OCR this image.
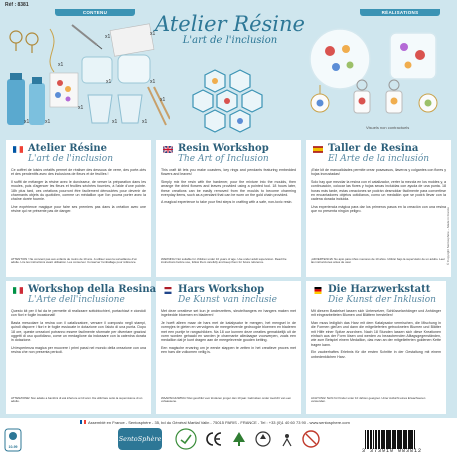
Réf : 8381
CONTENU	RÉALISATIONS
x1
x1	x1
x1	x1
x1	x1
x1
x1	x1
x1
Atelier Résine
L'art de l'inclusion
Visuels non contractuels
Atelier Résine
L'art de l'inclusion

Ce coffret de loisirs créatifs permet de réaliser des dessous de verre, des porte-clés et des pendentifs avec des inclusions de fleurs et de feuilles !

Il suffit de mélanger la résine avec le durcisseur, de verser la préparation dans les moules, puis d'agencer les fleurs et feuilles séchées fournies, à l'aide d'une pointe. 18h plus tard, ces créations pourront être facilement démoulées pour devenir de charmants objets du quotidien, comme un médaillon que l'on pourra porter avec la chaîne dorée fournie.

Une expérience magique pour faire ses premiers pas dans la création avec une résine qui ne présente pas de danger.

ATTENTION ! Ne convient pas aux enfants de moins de 10 ans. À utiliser sous la surveillance d'un adulte. Lire les instructions avant utilisation. Les conserver. Conserver l'emballage pour référence.
Resin Workshop
The Art of Inclusion

This craft kit lets you make coasters, key rings and pendants featuring embedded flowers and leaves!

Simply mix the resin with the hardener, pour the mixture into the moulds, then arrange the dried flowers and leaves provided using a pointed tool. 18 hours later, these creations can be easily removed from the moulds to become charming everyday items, such as a pendant that can be worn on the gold chain provided.

A magical experience to take your first steps in crafting with a safe, non-toxic resin.

WARNING! Not suitable for children under 10 years of age. Use under adult supervision. Read the instructions before use, follow them carefully and keep them for future reference.
Taller de Resina
El Arte de la inclusión

¡Este kit de manualidades permite crear posavasos, llaveros y colgantes con flores y hojas incrustadas!

Solo hay que mezclar la resina con el catalizador, verter la mezcla en los moldes y, a continuación, colocar las flores y hojas secas incluidas con ayuda de una punta. 18 horas más tarde, estas creaciones se podrán desmoldar fácilmente para convertirse en encantadores objetos cotidianos, como un medallón que se podrá llevar con la cadena dorada incluida.

Una experiencia mágica para dar los primeros pasos en la creación con una resina que no presenta ningún peligro.

¡ADVERTENCIA! No apto para niños menores de 10 años. Utilizar bajo la supervisión de un adulto. Leer las instrucciones antes de usar.
Workshop della Resina
L'Arte dell'inclusione

Questo kit per il fai da te permette di realizzare sottobicchieri, portachiavi e ciondoli con fiori e foglie incastonati!

Basta mescolare la resina con il catalizzatore, versare il composto negli stampi, quindi disporre i fiori e le foglie essiccate in dotazione con l'aiuto di una punta. Dopo 18 ore, queste creazioni potranno essere facilmente sformate per diventare graziosi oggetti di uso quotidiano, come un medaglione da indossare con la catenina dorata in dotazione.

Un'esperienza magica per muovere i primi passi nel mondo della creazione con una resina che non presenta pericoli.

ATTENZIONE! Non adatto a bambini di età inferiore ai 10 anni. Da utilizzare sotto la supervisione di un adulto.
Hars Workshop
De Kunst van inclusie

Met deze creatieve set kun je onderzetters, sleutelhangers en hangers maken met ingebedde bloemen en bladeren!

Je hoeft alleen maar de hars met de katalysator te mengen, het mengsel in de vormpjes te gieten en vervolgens de meegeleverde gedroogde bloemen en bladeren met een puntje te rangschikken. Na 18 uur kunnen deze creaties gemakkelijk uit de vorm worden gehaald en worden je charmante alledaagse voorwerpen, zoals een medaillon dat je kunt dragen aan de meegeleverde gouden ketting.

Een magische ervaring om je eerste stappen te zetten in het creatieve proces met een hars die volkomen veilig is.

WAARSCHUWING! Niet geschikt voor kinderen jonger dan 10 jaar. Gebruiken onder toezicht van een volwassene.
Die Harzwerkstatt
Die Kunst der Inklusion

Mit diesem Bastelset lassen sich Untersetzer, Schlüsselanhänger und Anhänger mit eingearbeiteten Blumen und Blättern herstellen!

Man muss lediglich das Harz mit dem Katalysator vermischen, die Mischung in die Formen gießen und dann die mitgelieferten getrockneten Blumen und Blätter mit Hilfe einer Spitze anordnen. Nach 18 Stunden lassen sich diese Kreationen einfach aus der Form lösen und werden zu bezaubernden Alltagsgegenständen, wie zum Beispiel einem Medaillon, das man an der mitgelieferten goldenen Kette tragen kann.

Ein zauberhaftes Erlebnis für die ersten Schritte in der Gestaltung mit einem unbedenklichen Harz.

ACHTUNG! Nicht für Kinder unter 10 Jahren geeignet. Unter Aufsicht eines Erwachsenen verwenden.
© Copyright Sentosphère – Made in France
Assemblé en France - Sentosphère - 35, bd du Général Martial Valin - 75015 PARIS - FRANCE - Tel : +33 (0)1 40 60 73 90 - www.sentosphere.com
10-99
SentoSphère
3 373910 083812
